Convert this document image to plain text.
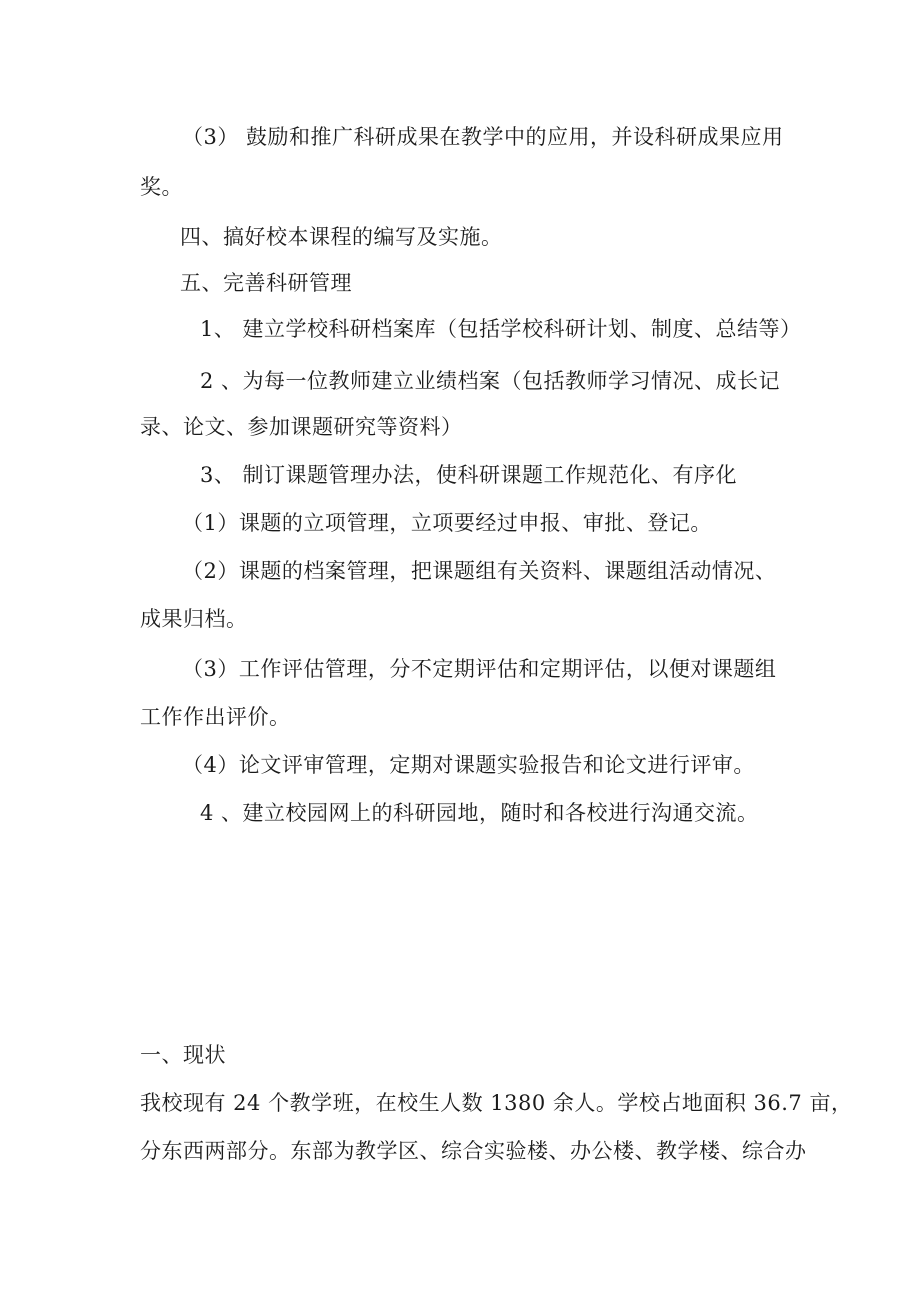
（3） 鼓励和推广科研成果在教学中的应用，并设科研成果应用
奖。
四、搞好校本课程的编写及实施。
五、完善科研管理
1、 建立学校科研档案库（包括学校科研计划、制度、总结等）
2 、为每一位教师建立业绩档案（包括教师学习情况、成长记
录、论文、参加课题研究等资料）
3、 制订课题管理办法，使科研课题工作规范化、有序化
（1）课题的立项管理，立项要经过申报、审批、登记。
（2）课题的档案管理，把课题组有关资料、课题组活动情况、
成果归档。
（3）工作评估管理，分不定期评估和定期评估，以便对课题组
工作作出评价。
（4）论文评审管理，定期对课题实验报告和论文进行评审。
4 、建立校园网上的科研园地，随时和各校进行沟通交流。
一、现状
我校现有 24 个教学班，在校生人数 1380 余人。学校占地面积 36.7 亩，
分东西两部分。东部为教学区、综合实验楼、办公楼、教学楼、综合办
